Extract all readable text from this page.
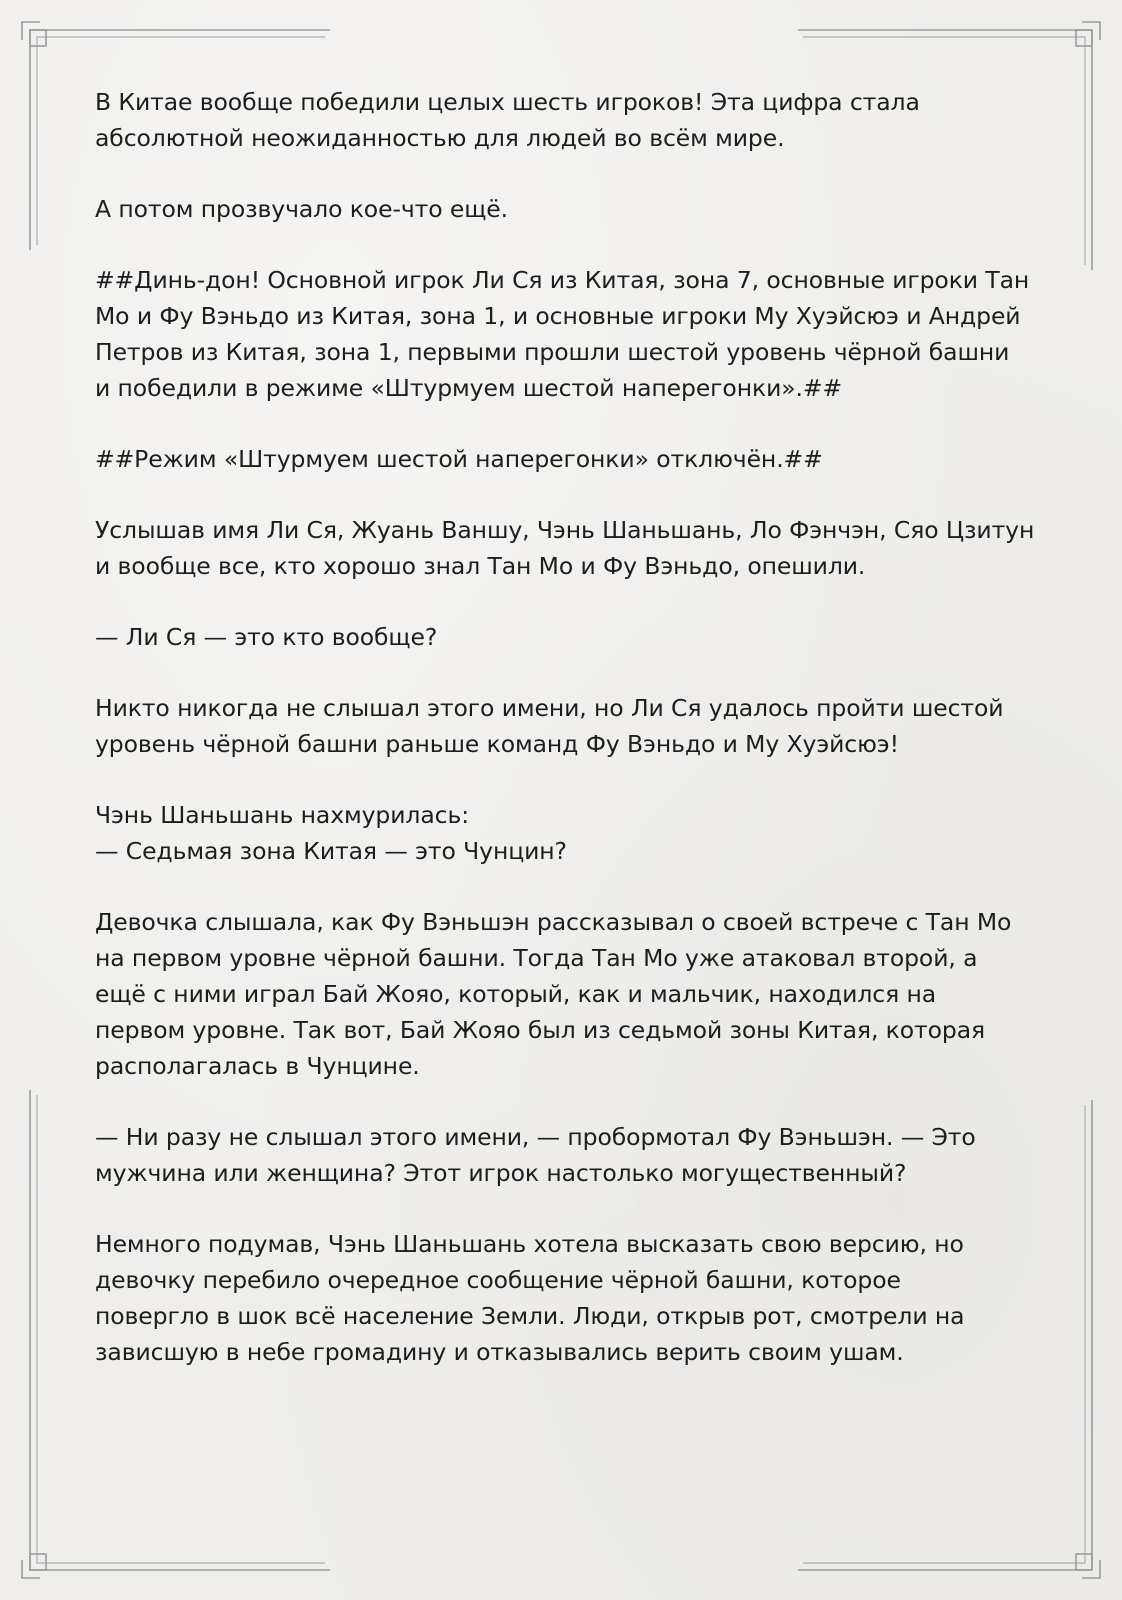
В Китае вообще победили целых шесть игроков! Эта цифра стала
абсолютной неожиданностью для людей во всём мире.

А потом прозвучало кое-что ещё.

##Динь-дон! Основной игрок Ли Ся из Китая, зона 7, основные игроки Тан
Мо и Фу Вэньдо из Китая, зона 1, и основные игроки Му Хуэйсюэ и Андрей
Петров из Китая, зона 1, первыми прошли шестой уровень чёрной башни
и победили в режиме «Штурмуем шестой наперегонки».##

##Режим «Штурмуем шестой наперегонки» отключён.##

Услышав имя Ли Ся, Жуань Ваншу, Чэнь Шаньшань, Ло Фэнчэн, Сяо Цзитун
и вообще все, кто хорошо знал Тан Мо и Фу Вэньдо, опешили.

— Ли Ся — это кто вообще?

Никто никогда не слышал этого имени, но Ли Ся удалось пройти шестой
уровень чёрной башни раньше команд Фу Вэньдо и Му Хуэйсюэ!

Чэнь Шаньшань нахмурилась:
— Седьмая зона Китая — это Чунцин?

Девочка слышала, как Фу Вэньшэн рассказывал о своей встрече с Тан Мо
на первом уровне чёрной башни. Тогда Тан Мо уже атаковал второй, а
ещё с ними играл Бай Жояо, который, как и мальчик, находился на
первом уровне. Так вот, Бай Жояо был из седьмой зоны Китая, которая
располагалась в Чунцине.

— Ни разу не слышал этого имени, — пробормотал Фу Вэньшэн. — Это
мужчина или женщина? Этот игрок настолько могущественный?

Немного подумав, Чэнь Шаньшань хотела высказать свою версию, но
девочку перебило очередное сообщение чёрной башни, которое
повергло в шок всё население Земли. Люди, открыв рот, смотрели на
зависшую в небе громадину и отказывались верить своим ушам.
